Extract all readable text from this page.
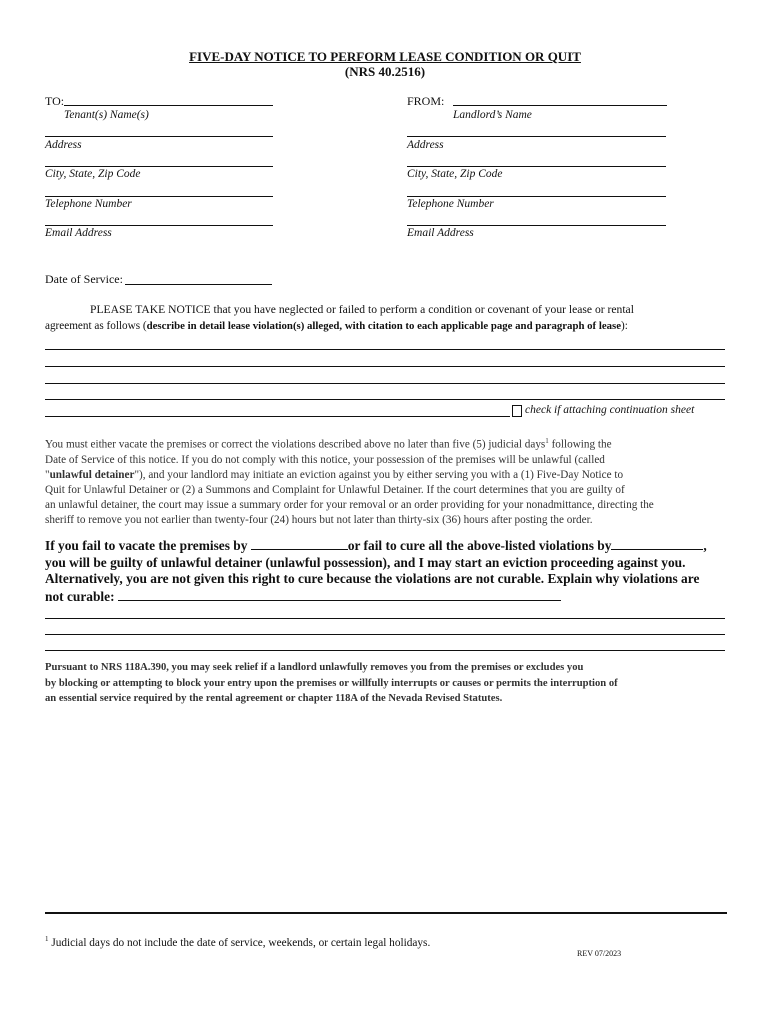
FIVE-DAY NOTICE TO PERFORM LEASE CONDITION OR QUIT
(NRS 40.2516)
TO:
Tenant(s) Name(s)
Address
City, State, Zip Code
Telephone Number
Email Address
FROM:
Landlord’s Name
Address
City, State, Zip Code
Telephone Number
Email Address
Date of Service:
PLEASE TAKE NOTICE that you have neglected or failed to perform a condition or covenant of your lease or rental
agreement as follows (describe in detail lease violation(s) alleged, with citation to each applicable page and paragraph of lease):
check if attaching continuation sheet
You must either vacate the premises or correct the violations described above no later than five (5) judicial days$^1$ following the
Date of Service of this notice. If you do not comply with this notice, your possession of the premises will be unlawful (called
"unlawful detainer"), and your landlord may initiate an eviction against you by either serving you with a (1) Five-Day Notice to
Quit for Unlawful Detainer or (2) a Summons and Complaint for Unlawful Detainer. If the court determines that you are guilty of
an unlawful detainer, the court may issue a summary order for your removal or an order providing for your nonadmittance, directing the
sheriff to remove you not earlier than twenty-four (24) hours but not later than thirty-six (36) hours after posting the order.
If you fail to vacate the premises by	or fail to cure all the above-listed violations by	,
you will be guilty of unlawful detainer (unlawful possession), and I may start an eviction proceeding against you.
Alternatively, you are not given this right to cure because the violations are not curable. Explain why violations are
not curable:
Pursuant to NRS 118A.390, you may seek relief if a landlord unlawfully removes you from the premises or excludes you
by blocking or attempting to block your entry upon the premises or willfully interrupts or causes or permits the interruption of
an essential service required by the rental agreement or chapter 118A of the Nevada Revised Statutes.
$^1$ Judicial days do not include the date of service, weekends, or certain legal holidays.
REV 07/2023
